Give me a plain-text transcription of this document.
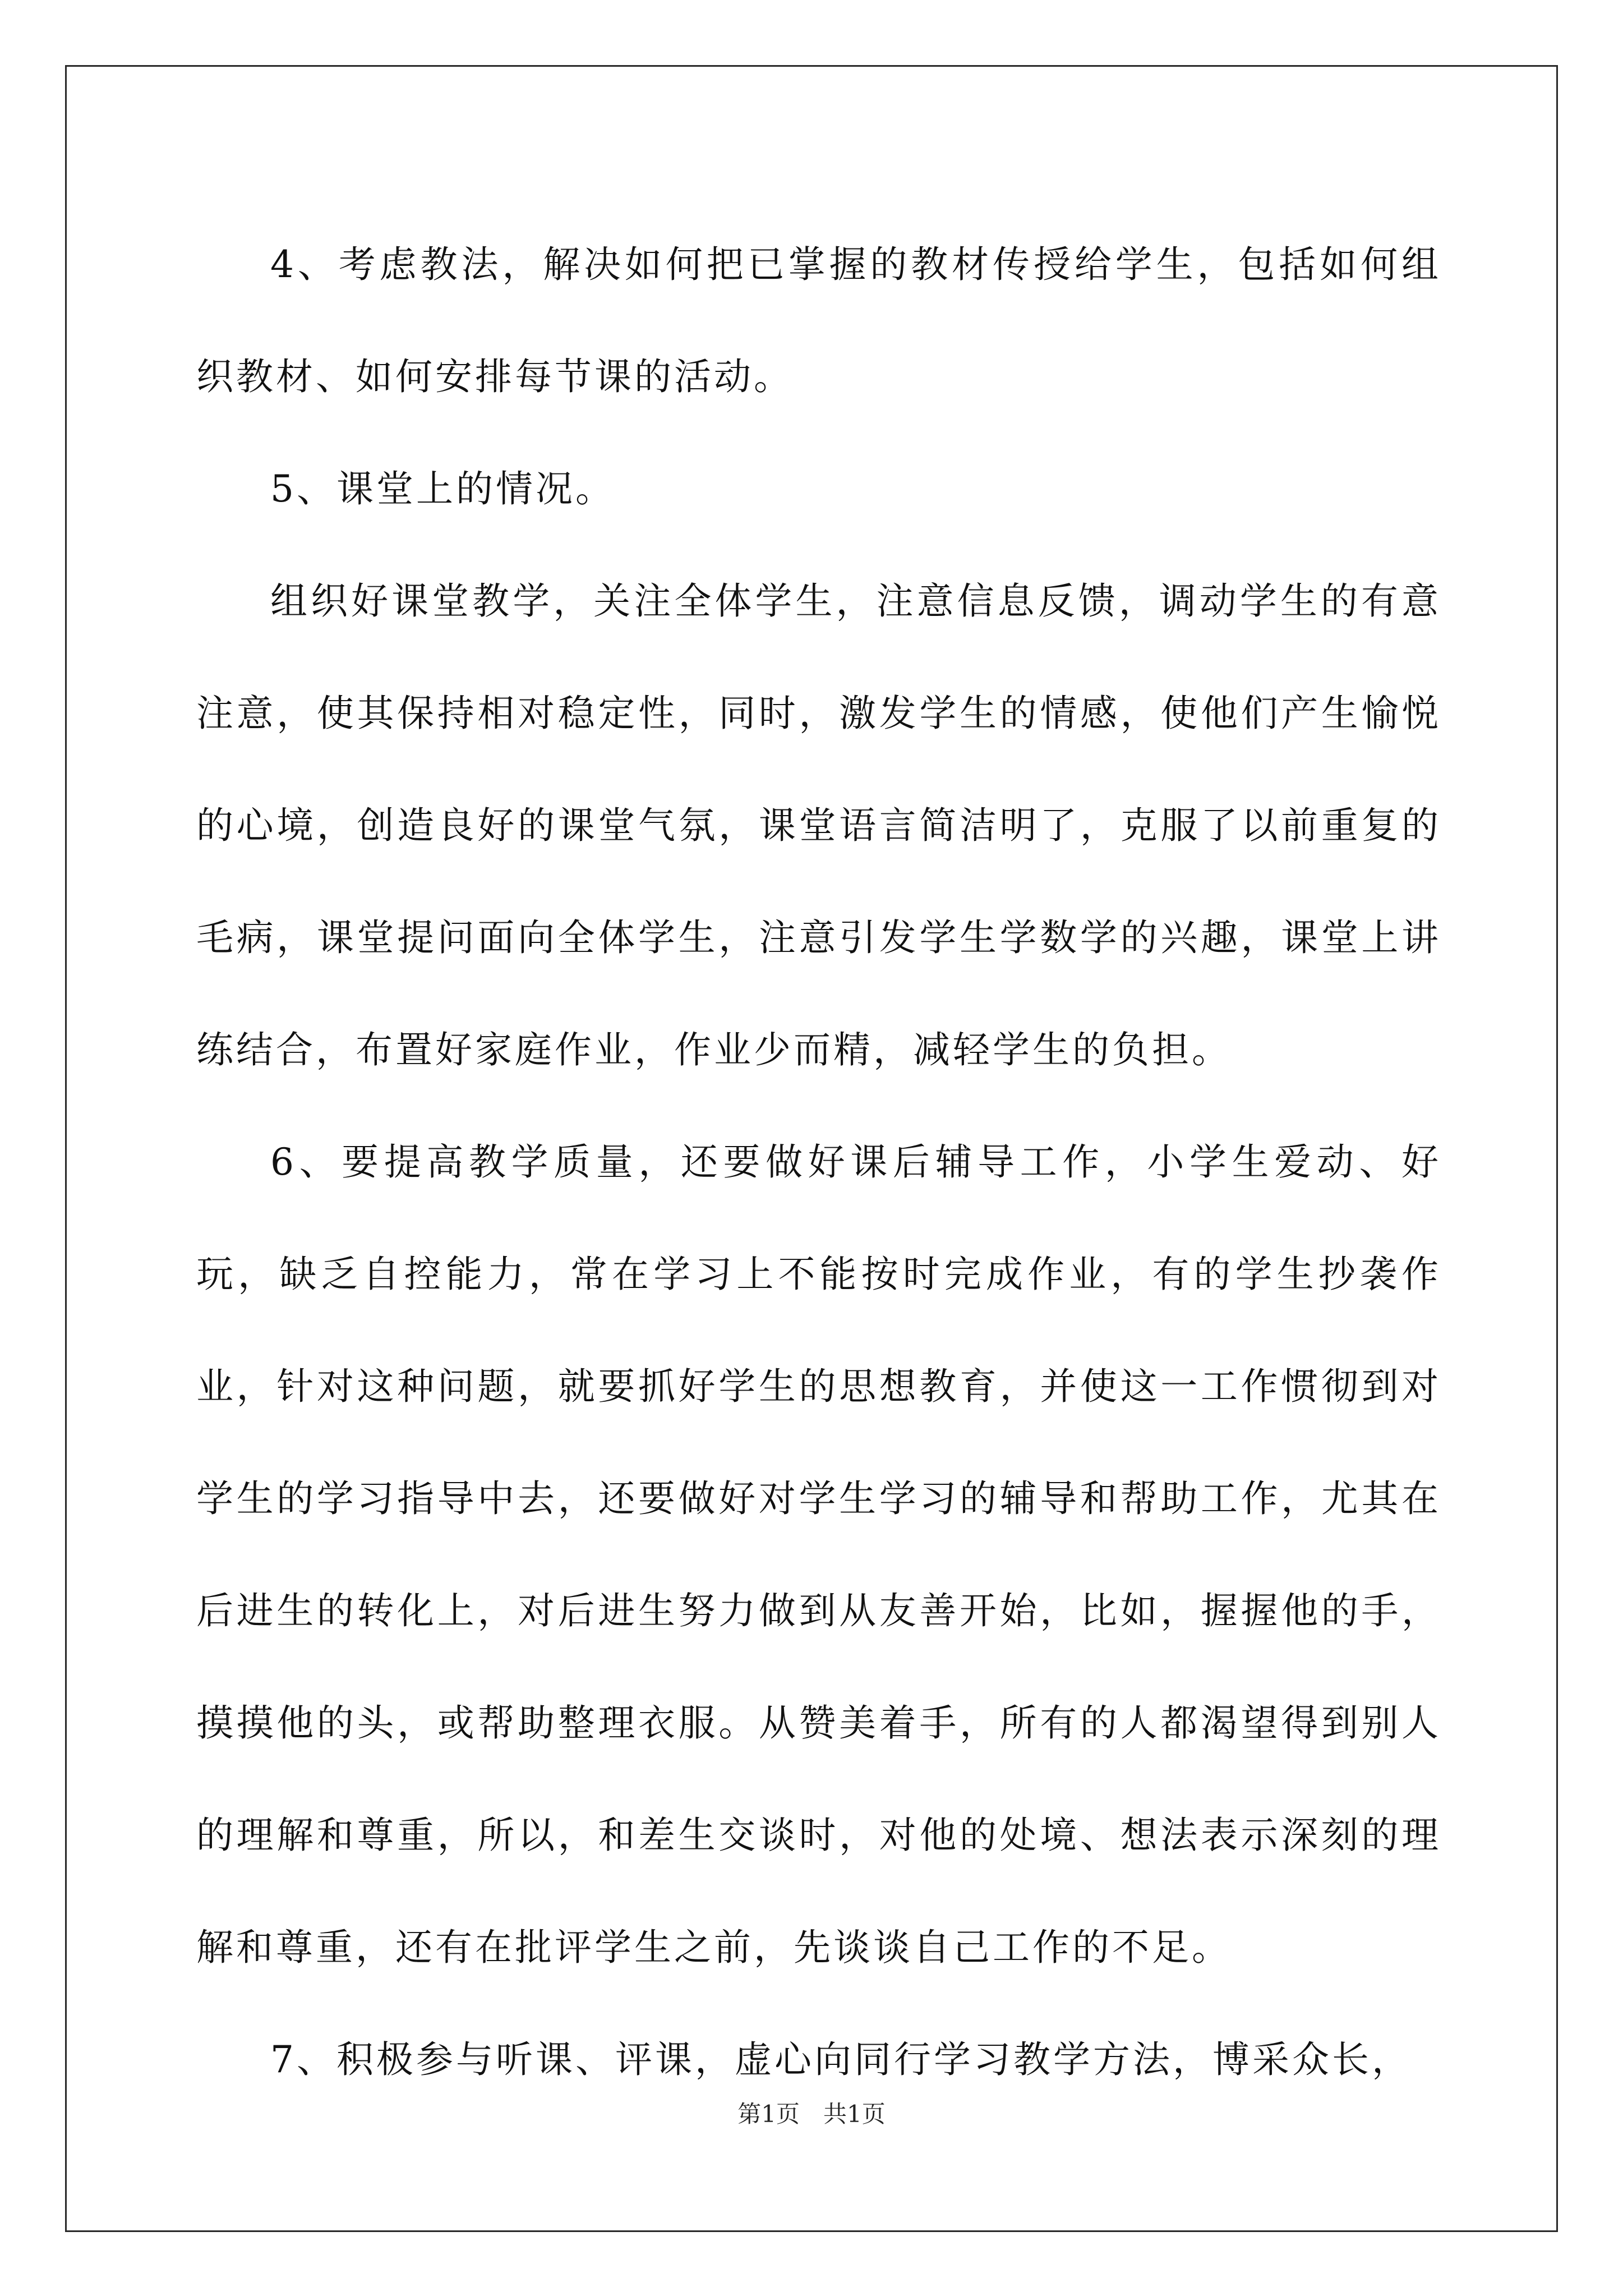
4、考虑教法，解决如何把已掌握的教材传授给学生，包括如何组织教材、如何安排每节课的活动。

5、课堂上的情况。

组织好课堂教学，关注全体学生，注意信息反馈，调动学生的有意注意，使其保持相对稳定性，同时，激发学生的情感，使他们产生愉悦的心境，创造良好的课堂气氛，课堂语言简洁明了，克服了以前重复的毛病，课堂提问面向全体学生，注意引发学生学数学的兴趣，课堂上讲练结合，布置好家庭作业，作业少而精，减轻学生的负担。

6、要提高教学质量，还要做好课后辅导工作，小学生爱动、好玩，缺乏自控能力，常在学习上不能按时完成作业，有的学生抄袭作业，针对这种问题，就要抓好学生的思想教育，并使这一工作惯彻到对学生的学习指导中去，还要做好对学生学习的辅导和帮助工作，尤其在后进生的转化上，对后进生努力做到从友善开始，比如，握握他的手，摸摸他的头，或帮助整理衣服。从赞美着手，所有的人都渴望得到别人的理解和尊重，所以，和差生交谈时，对他的处境、想法表示深刻的理解和尊重，还有在批评学生之前，先谈谈自己工作的不足。

7、积极参与听课、评课，虚心向同行学习教学方法，博采众长，

第1页　共1页
